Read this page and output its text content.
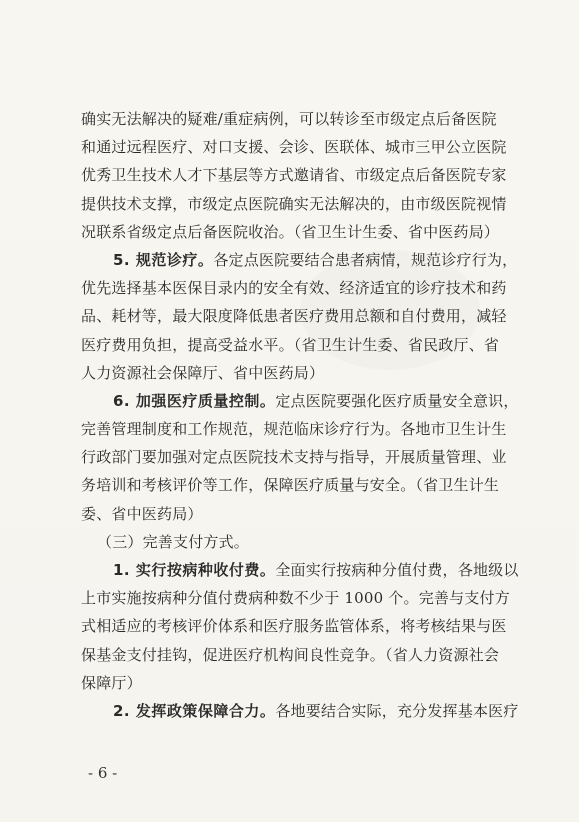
确实无法解决的疑难/重症病例，可以转诊至市级定点后备医院
和通过远程医疗、对口支援、会诊、医联体、城市三甲公立医院
优秀卫生技术人才下基层等方式邀请省、市级定点后备医院专家
提供技术支撑，市级定点医院确实无法解决的，由市级医院视情
况联系省级定点后备医院收治。（省卫生计生委、省中医药局）
5. 规范诊疗。各定点医院要结合患者病情，规范诊疗行为，
优先选择基本医保目录内的安全有效、经济适宜的诊疗技术和药
品、耗材等，最大限度降低患者医疗费用总额和自付费用，减轻
医疗费用负担，提高受益水平。（省卫生计生委、省民政厅、省
人力资源社会保障厅、省中医药局）
6. 加强医疗质量控制。定点医院要强化医疗质量安全意识，
完善管理制度和工作规范，规范临床诊疗行为。各地市卫生计生
行政部门要加强对定点医院技术支持与指导，开展质量管理、业
务培训和考核评价等工作，保障医疗质量与安全。（省卫生计生
委、省中医药局）
（三）完善支付方式。
1. 实行按病种收付费。全面实行按病种分值付费，各地级以
上市实施按病种分值付费病种数不少于 1000 个。完善与支付方
式相适应的考核评价体系和医疗服务监管体系，将考核结果与医
保基金支付挂钩，促进医疗机构间良性竞争。（省人力资源社会
保障厅）
2. 发挥政策保障合力。各地要结合实际，充分发挥基本医疗
- 6 -
